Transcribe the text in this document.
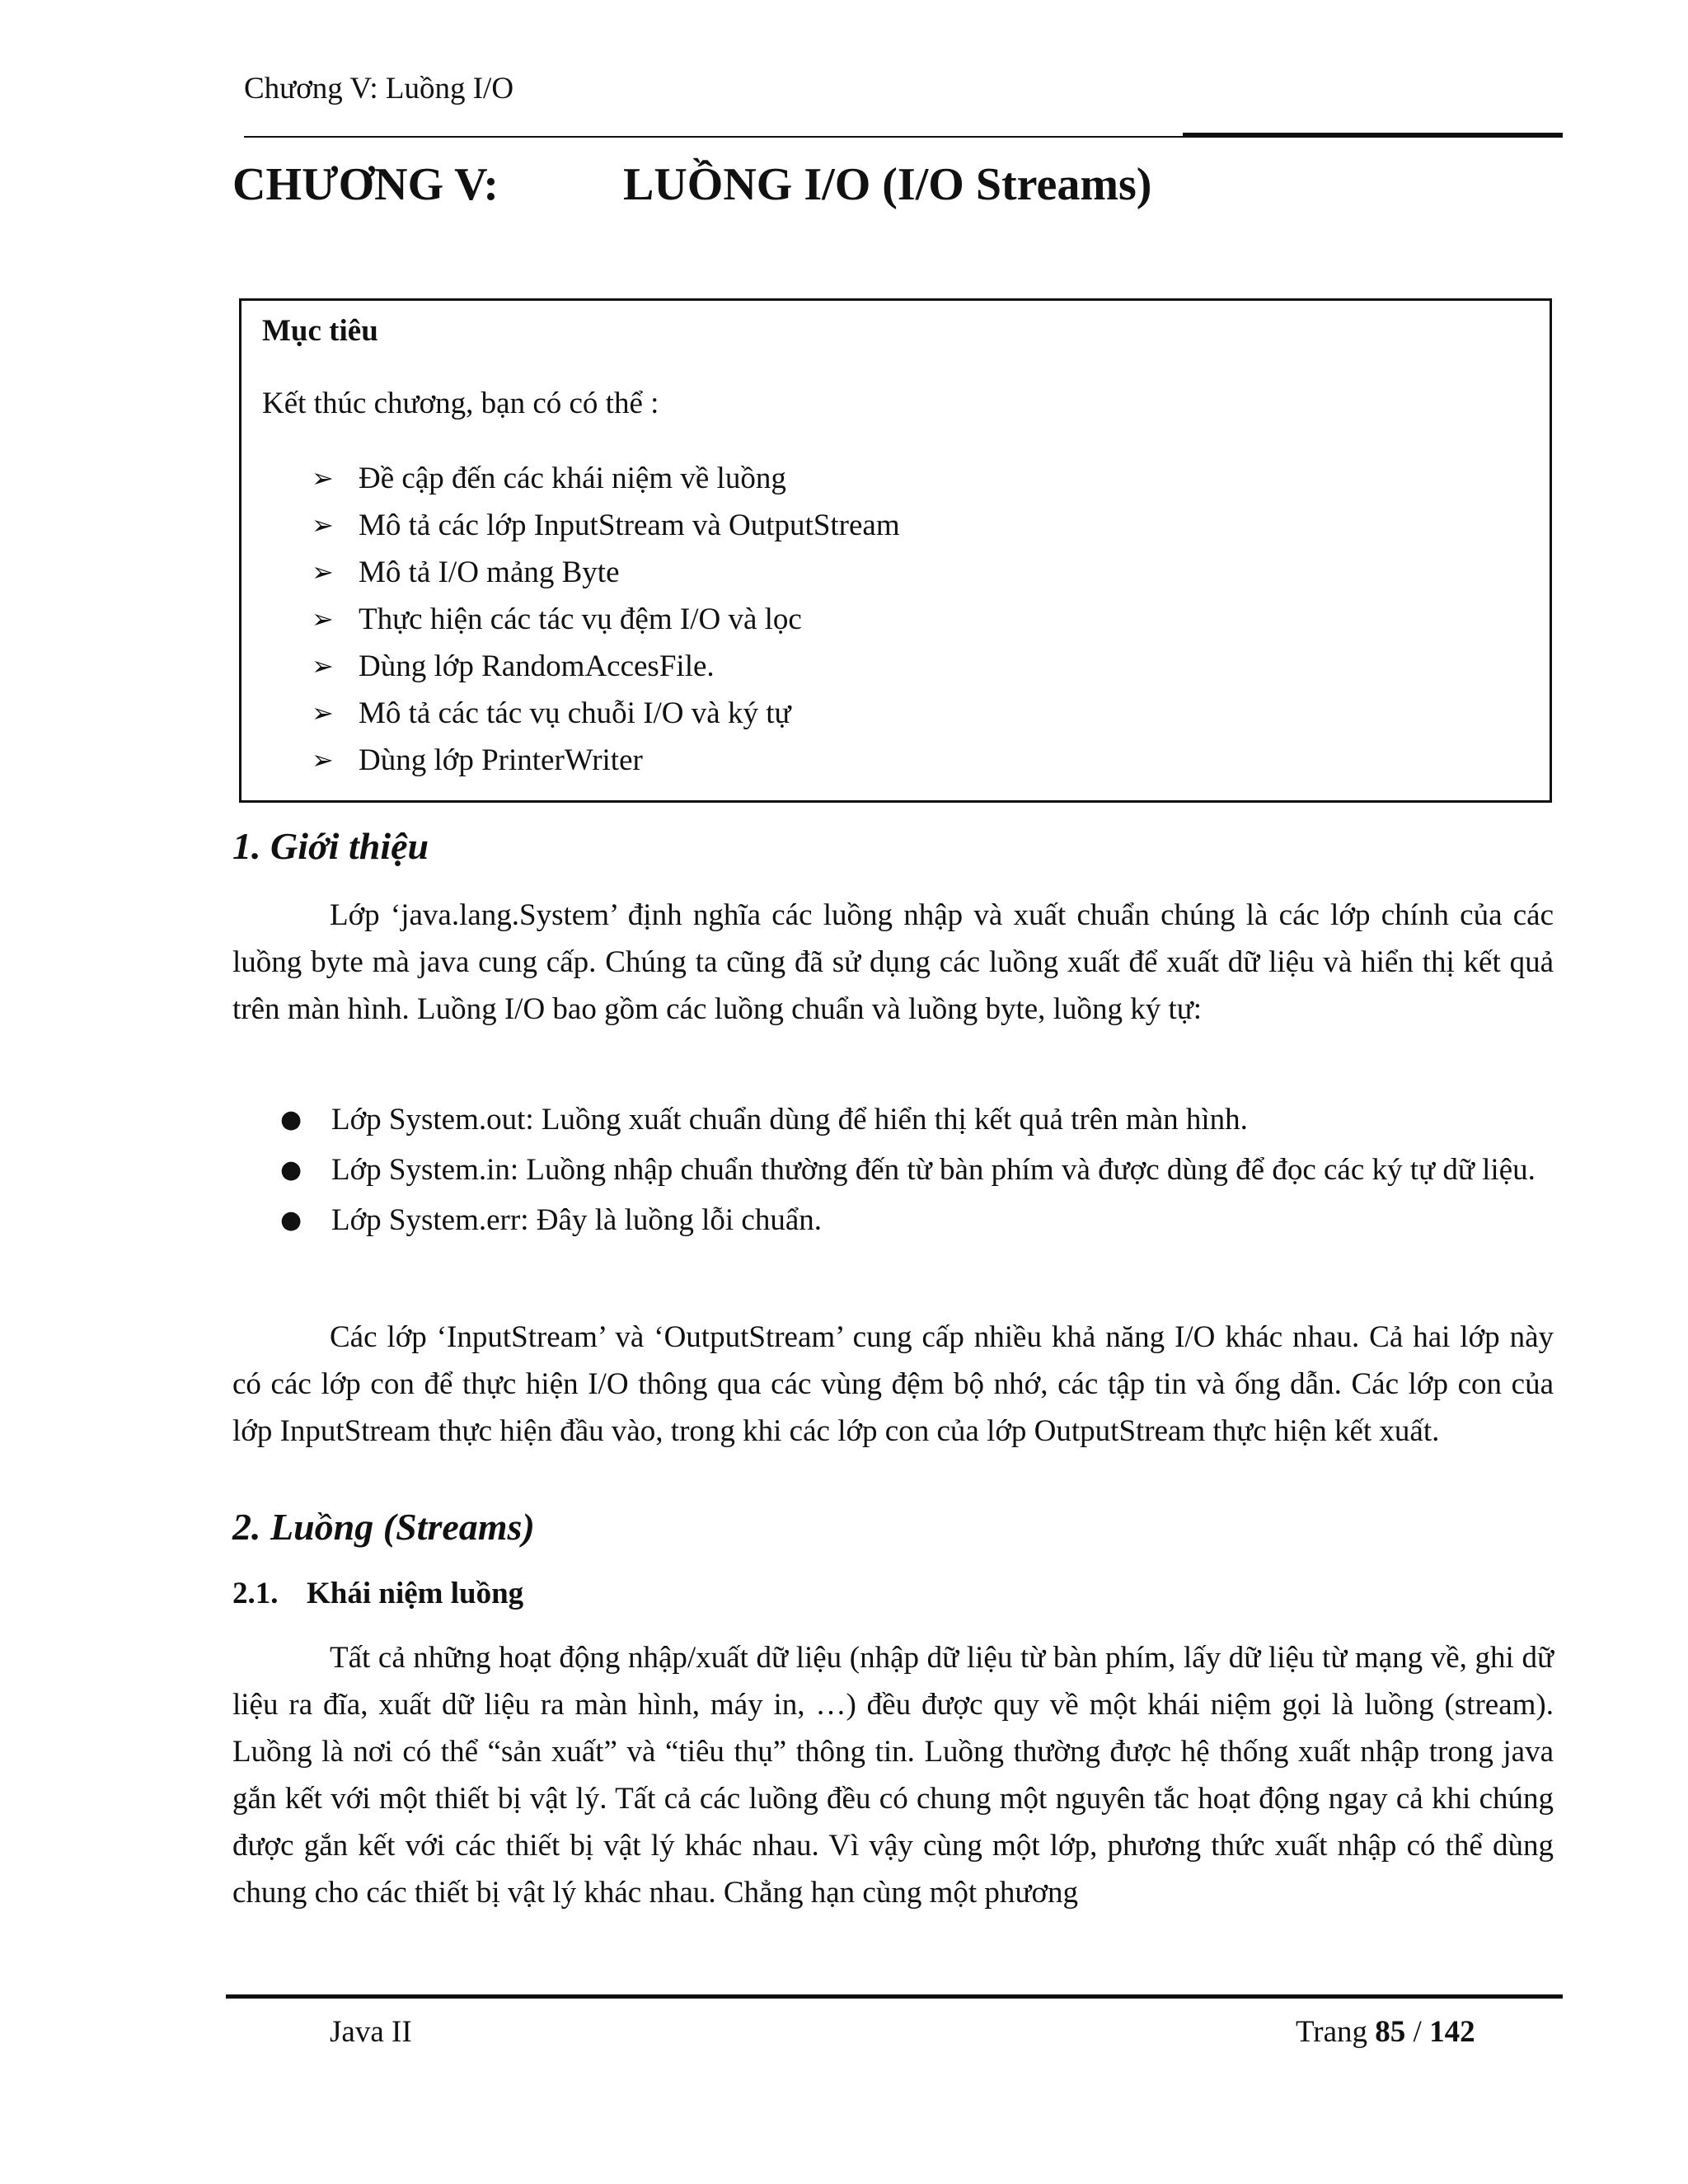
Chương V: Luồng I/O
CHƯƠNG V:	LUỒNG I/O (I/O Streams)
Mục tiêu
Kết thúc chương, bạn có có thể :
➢ Đề cập đến các khái niệm về luồng
➢ Mô tả các lớp InputStream và OutputStream
➢ Mô tả I/O mảng Byte
➢ Thực hiện các tác vụ đệm I/O và lọc
➢ Dùng lớp RandomAccesFile.
➢ Mô tả các tác vụ chuỗi I/O và ký tự
➢ Dùng lớp PrinterWriter
1. Giới thiệu

Lớp ‘java.lang.System’ định nghĩa các luồng nhập và xuất chuẩn chúng là các lớp chính của các luồng byte mà java cung cấp. Chúng ta cũng đã sử dụng các luồng xuất để xuất dữ liệu và hiển thị kết quả trên màn hình. Luồng I/O bao gồm các luồng chuẩn và luồng byte, luồng ký tự:

● Lớp System.out: Luồng xuất chuẩn dùng để hiển thị kết quả trên màn hình.
● Lớp System.in: Luồng nhập chuẩn thường đến từ bàn phím và được dùng để đọc các ký tự dữ liệu.
● Lớp System.err: Đây là luồng lỗi chuẩn.

Các lớp ‘InputStream’ và ‘OutputStream’ cung cấp nhiều khả năng I/O khác nhau. Cả hai lớp này có các lớp con để thực hiện I/O thông qua các vùng đệm bộ nhớ, các tập tin và ống dẫn. Các lớp con của lớp InputStream thực hiện đầu vào, trong khi các lớp con của lớp OutputStream thực hiện kết xuất.

2. Luồng (Streams)
2.1. Khái niệm luồng

Tất cả những hoạt động nhập/xuất dữ liệu (nhập dữ liệu từ bàn phím, lấy dữ liệu từ mạng về, ghi dữ liệu ra đĩa, xuất dữ liệu ra màn hình, máy in, …) đều được quy về một khái niệm gọi là luồng (stream). Luồng là nơi có thể “sản xuất” và “tiêu thụ” thông tin. Luồng thường được hệ thống xuất nhập trong java gắn kết với một thiết bị vật lý. Tất cả các luồng đều có chung một nguyên tắc hoạt động ngay cả khi chúng được gắn kết với các thiết bị vật lý khác nhau. Vì vậy cùng một lớp, phương thức xuất nhập có thể dùng chung cho các thiết bị vật lý khác nhau. Chẳng hạn cùng một phương

Java II	Trang 85 / 142
